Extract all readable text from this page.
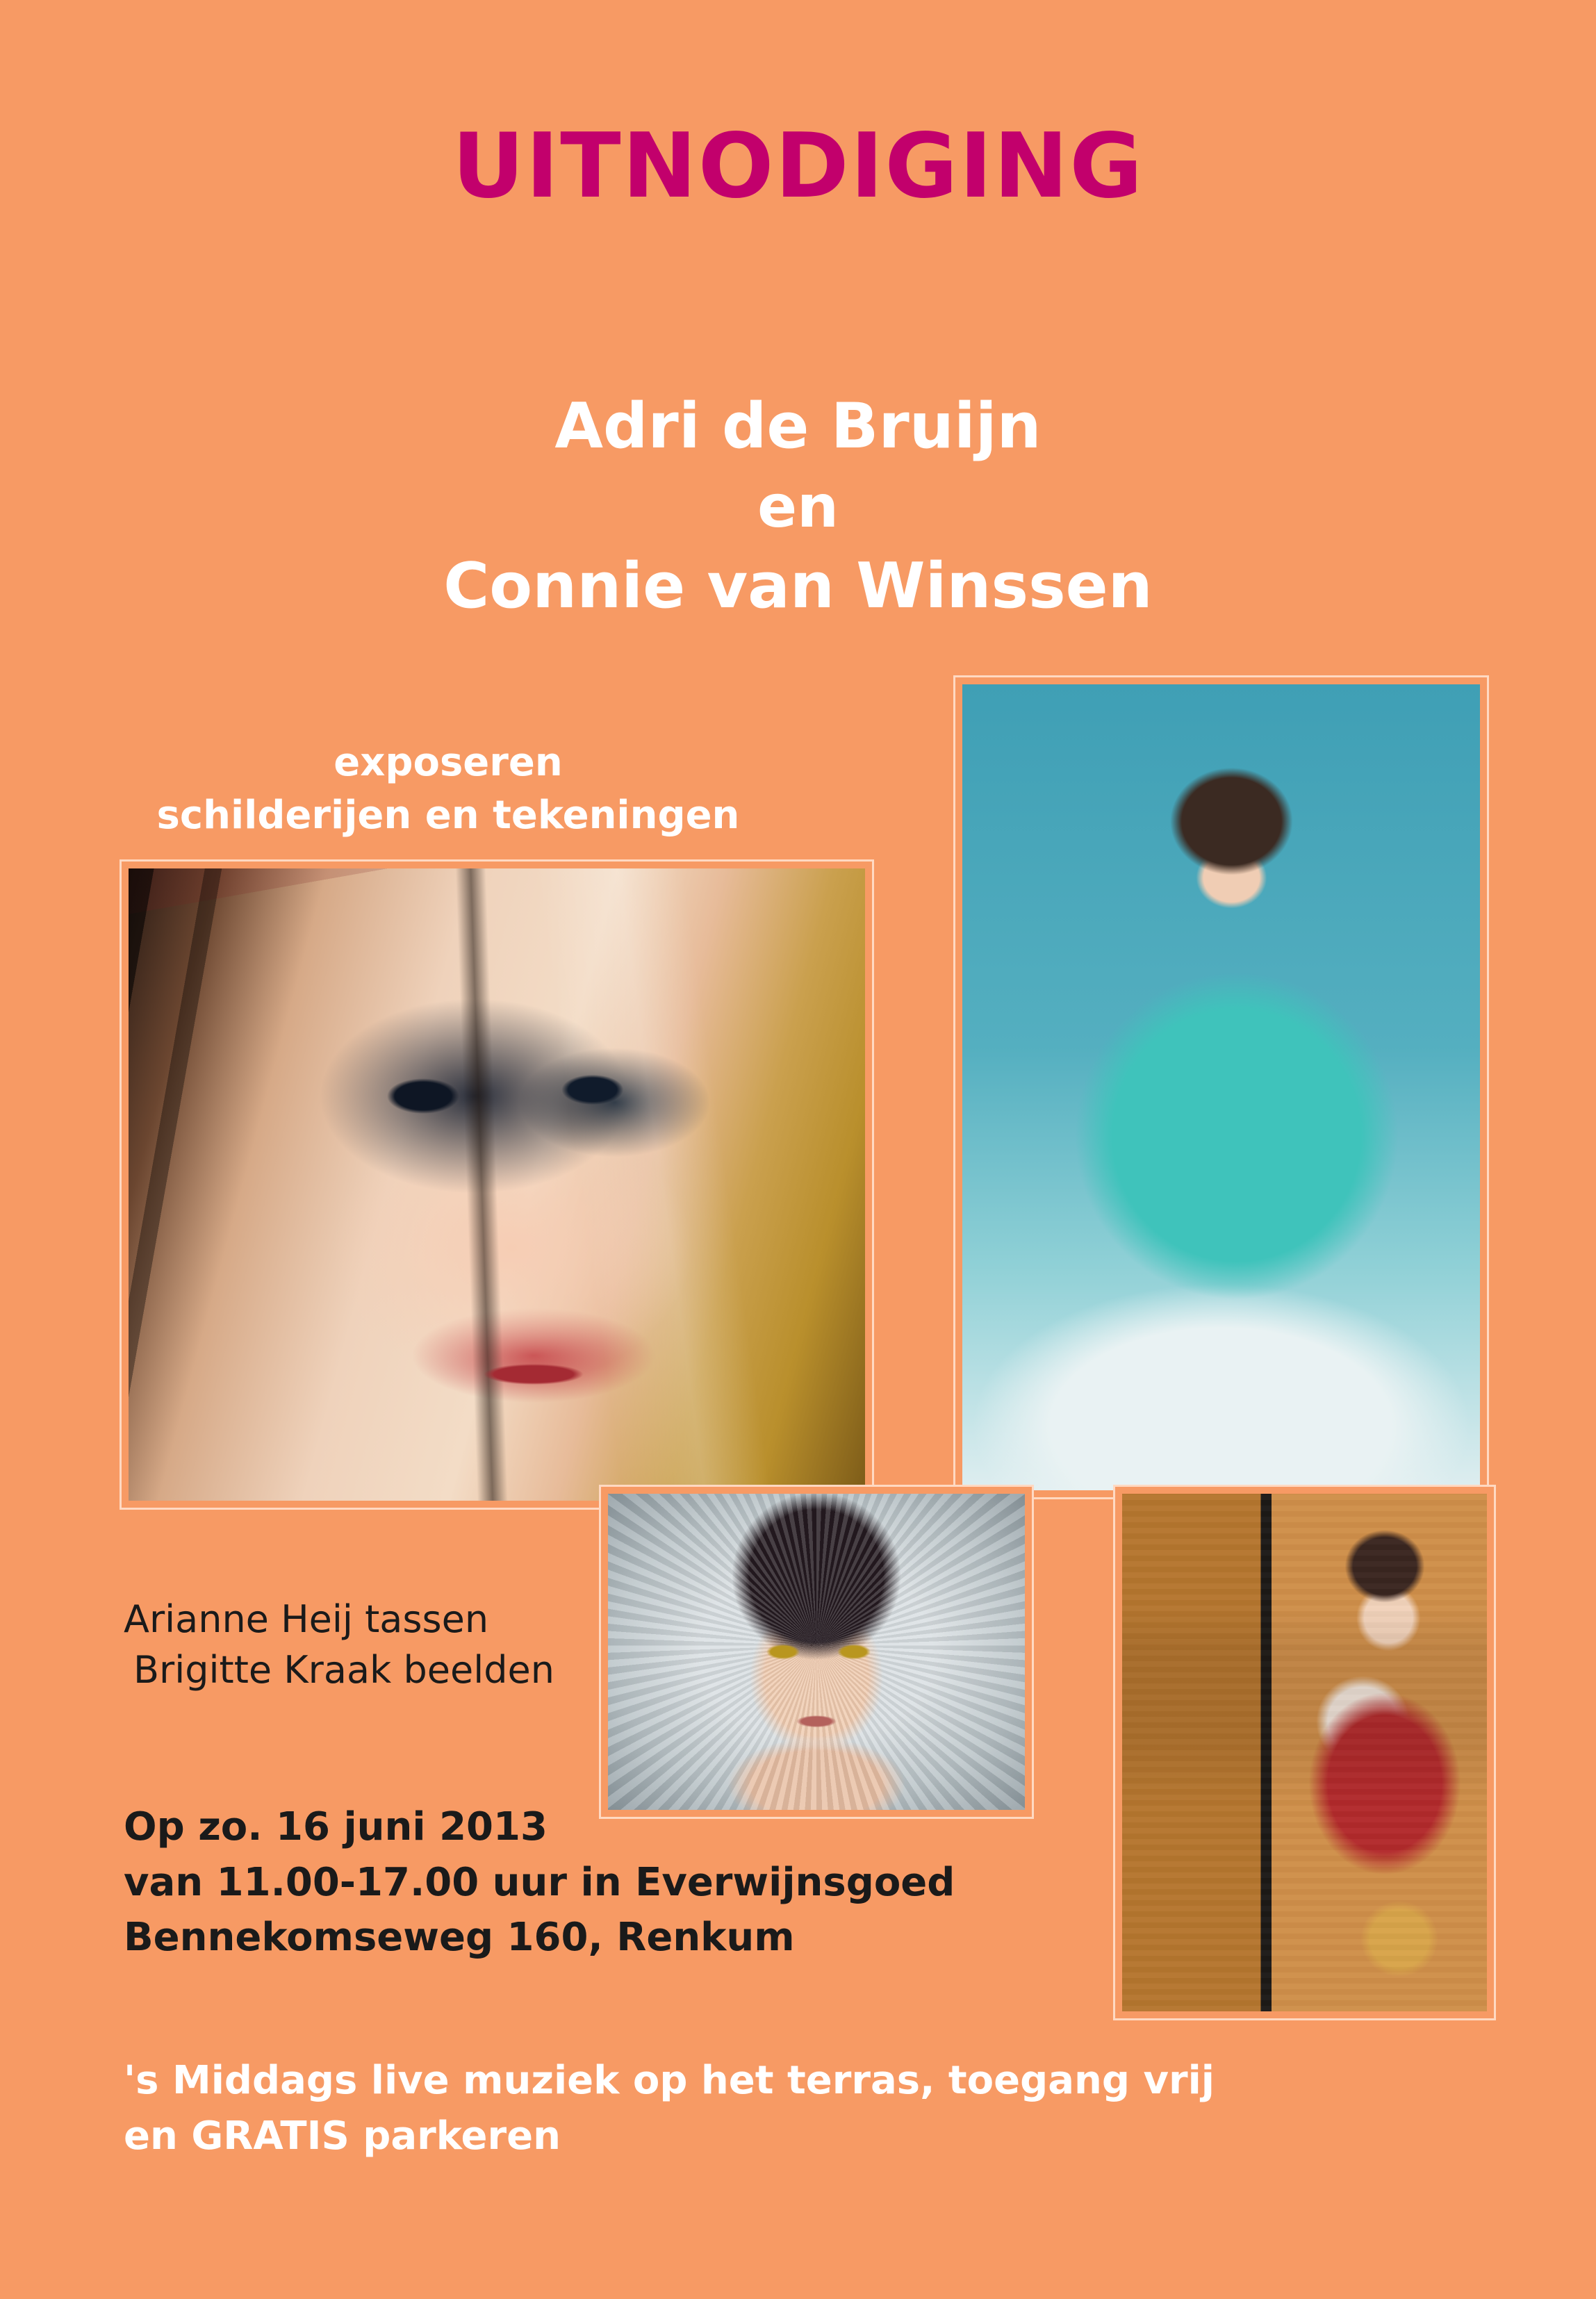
UITNODIGING
Adri de Bruijn
en
Connie van Winssen
exposeren
schilderijen en tekeningen
Arianne Heij tassen
Brigitte Kraak beelden
Op zo. 16 juni 2013
van 11.00-17.00 uur in Everwijnsgoed
Bennekomseweg 160, Renkum
's Middags live muziek op het terras, toegang vrij
en GRATIS parkeren
